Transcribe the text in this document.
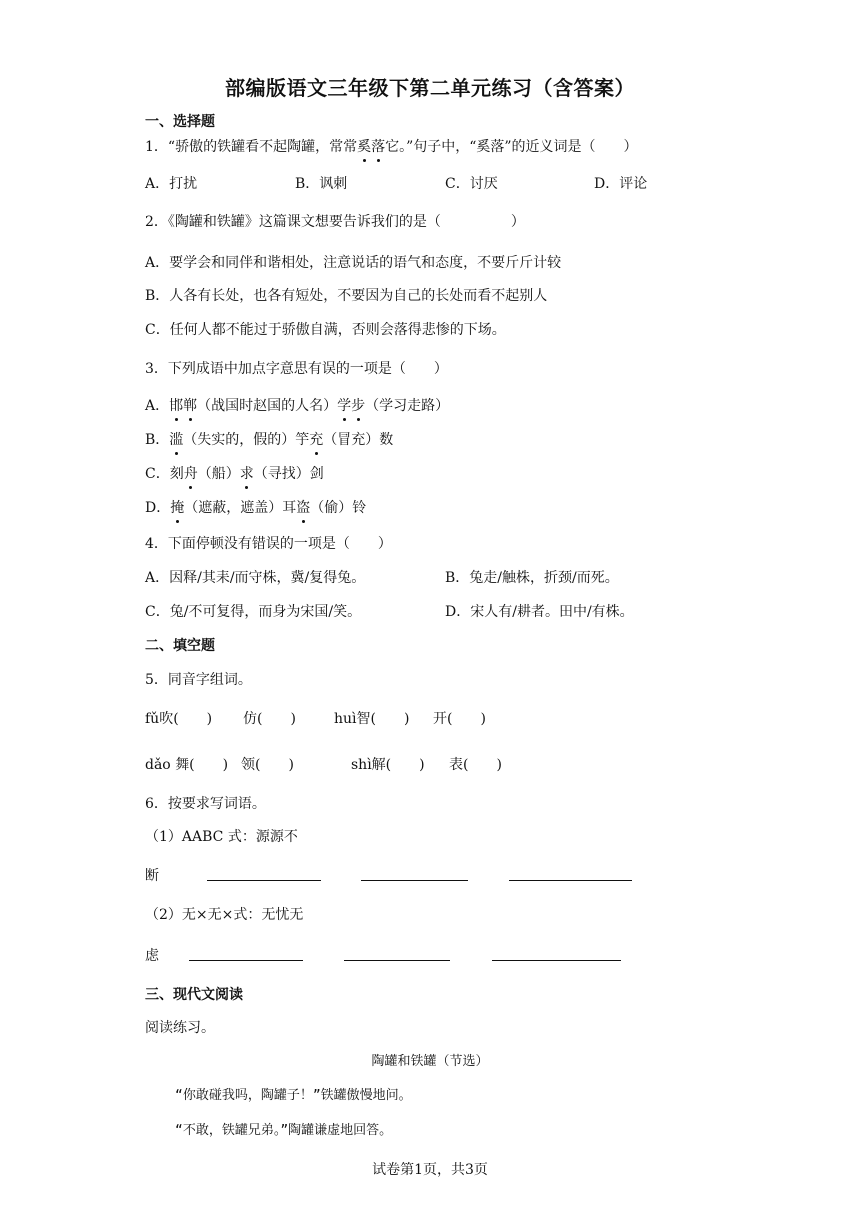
部编版语文三年级下第二单元练习（含答案）
一、选择题
1．“骄傲的铁罐看不起陶罐，常常奚落它。”句子中，“奚落”的近义词是（　　）
A．打扰	B．讽刺	C．讨厌	D．评论
2．《陶罐和铁罐》这篇课文想要告诉我们的是（　　　　　）
A．要学会和同伴和谐相处，注意说话的语气和态度，不要斤斤计较
B．人各有长处，也各有短处，不要因为自己的长处而看不起别人
C．任何人都不能过于骄傲自满，否则会落得悲惨的下场。
3．下列成语中加点字意思有误的一项是（　　）
A．邯郸（战国时赵国的人名）学步（学习走路）
B．滥（失实的，假的）竽充（冒充）数
C．刻舟（船）求（寻找）剑
D．掩（遮蔽，遮盖）耳盗（偷）铃
4．下面停顿没有错误的一项是（　　）
A．因释/其耒/而守株，冀/复得兔。	B．兔走/触株，折颈/而死。
C．兔/不可复得，而身为宋国/笑。	D．宋人有/耕者。田中/有株。
二、填空题
5．同音字组词。
fǔ吹(　　) 仿(　　)	huì智(　　) 开(　　)
dǎo 舞(　　) 领(　　)	shì解(　　) 表(　　)
6．按要求写词语。
（1）AABC 式：源源不
断
（2）无×无×式：无忧无
虑
三、现代文阅读
阅读练习。
陶罐和铁罐（节选）
“你敢碰我吗，陶罐子！”铁罐傲慢地问。
“不敢，铁罐兄弟。”陶罐谦虚地回答。
试卷第1页，共3页
